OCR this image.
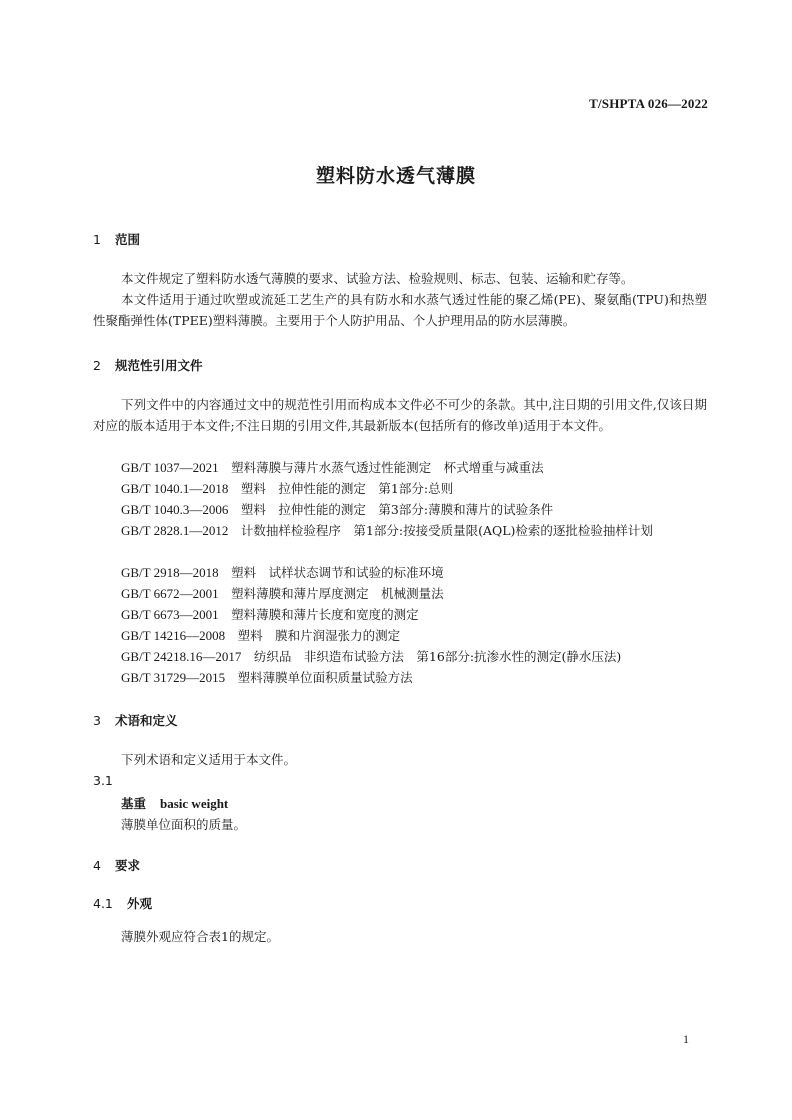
T/SHPTA 026—2022
塑料防水透气薄膜
1 范围
本文件规定了塑料防水透气薄膜的要求、试验方法、检验规则、标志、包装、运输和贮存等。
本文件适用于通过吹塑或流延工艺生产的具有防水和水蒸气透过性能的聚乙烯(PE)、聚氨酯(TPU)和热塑性聚酯弹性体(TPEE)塑料薄膜。主要用于个人防护用品、个人护理用品的防水层薄膜。
2 规范性引用文件
下列文件中的内容通过文中的规范性引用而构成本文件必不可少的条款。其中,注日期的引用文件,仅该日期对应的版本适用于本文件;不注日期的引用文件,其最新版本(包括所有的修改单)适用于本文件。
GB/T 1037—2021　 塑料薄膜与薄片水蒸气透过性能测定　杯式增重与减重法
GB/T 1040.1—2018　 塑料　拉伸性能的测定　第1部分:总则
GB/T 1040.3—2006　 塑料　拉伸性能的测定　第3部分:薄膜和薄片的试验条件
GB/T 2828.1—2012　 计数抽样检验程序　第1部分:按接受质量限(AQL)检索的逐批检验抽样计划
GB/T 2918—2018　 塑料　试样状态调节和试验的标准环境
GB/T 6672—2001　 塑料薄膜和薄片厚度测定　机械测量法
GB/T 6673—2001　 塑料薄膜和薄片长度和宽度的测定
GB/T 14216—2008　 塑料　膜和片润湿张力的测定
GB/T 24218.16—2017　 纺织品　非织造布试验方法　第16部分:抗渗水性的测定(静水压法)
GB/T 31729—2015　 塑料薄膜单位面积质量试验方法
3 术语和定义
下列术语和定义适用于本文件。
3.1
基重 basic weight
薄膜单位面积的质量。
4 要求
4.1 外观
薄膜外观应符合表1的规定。
1
